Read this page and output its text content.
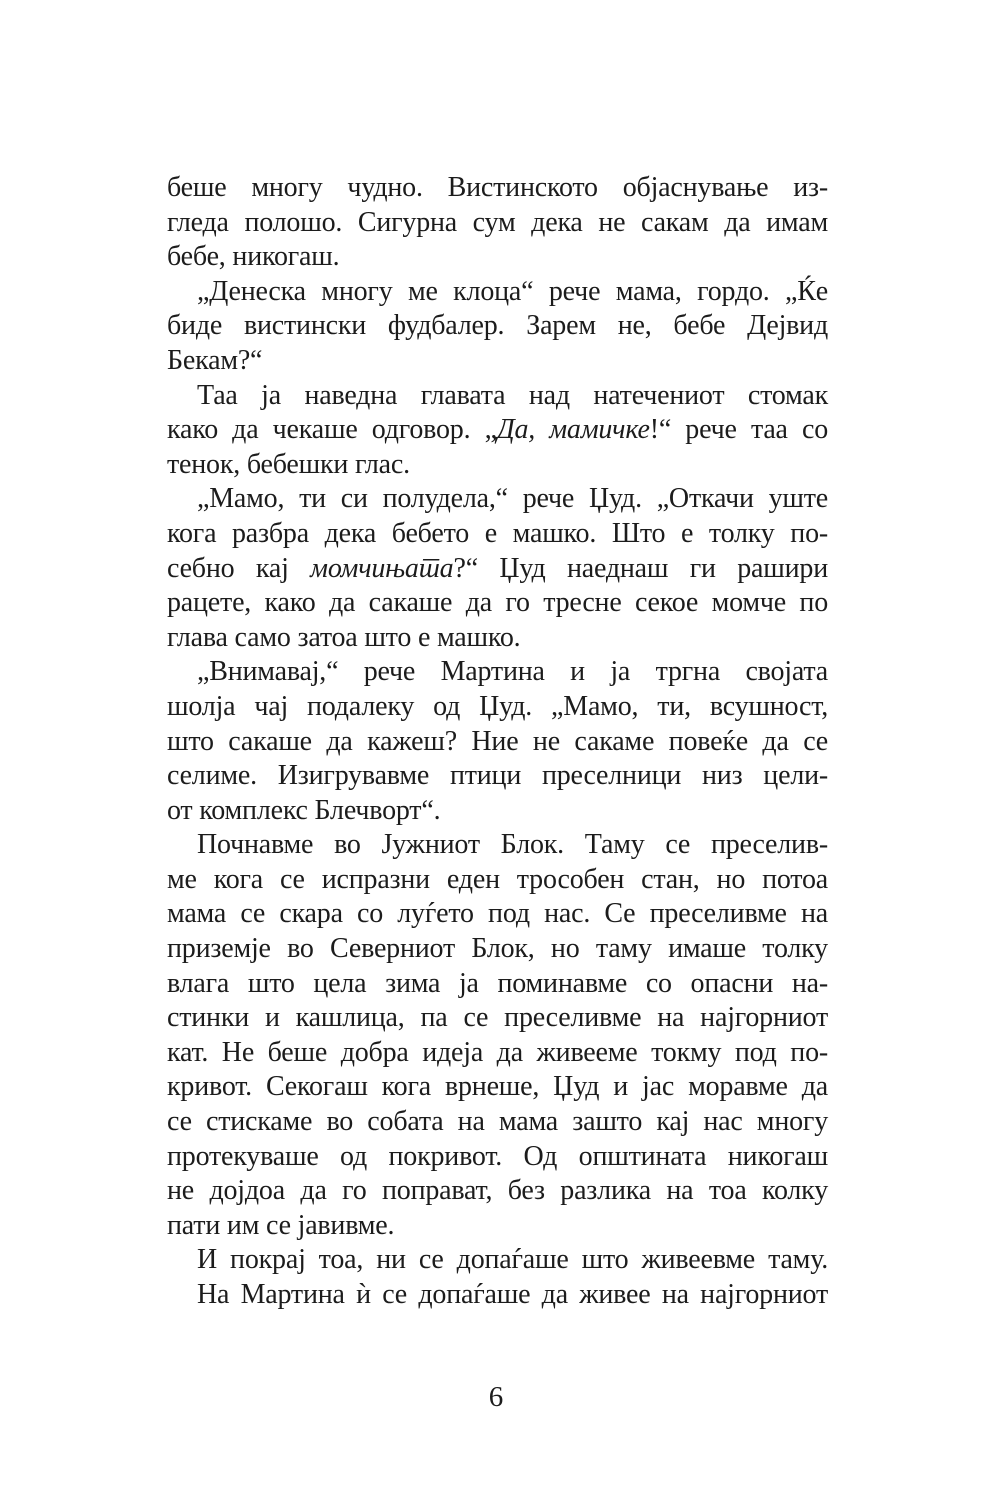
беше многу чудно. Вистинското објаснување из-
гледа полошо. Сигурна сум дека не сакам да имам
бебе, никогаш.
„Денеска многу ме клоца“ рече мама, гордо. „Ќе
биде вистински фудбалер. Зарем не, бебе Дејвид
Бекам?“
Таа ја наведна главата над натечениот стомак
како да чекаше одговор. „Да, мамичке!“ рече таа со
тенок, бебешки глас.
„Мамо, ти си полудела,“ рече Џуд. „Откачи уште
кога разбра дека бебето е машко. Што е толку по-
себно кај момчињата?“ Џуд наеднаш ги рашири
рацете, како да сакаше да го тресне секое момче по
глава само затоа што е машко.
„Внимавај,“ рече Мартина и ја тргна својата
шолја чај подалеку од Џуд. „Мамо, ти, всушност,
што сакаше да кажеш? Ние не сакаме повеќе да се
селиме. Изигрувавме птици преселници низ цели-
от комплекс Блечворт“.
Почнавме во Јужниот Блок. Таму се преселив-
ме кога се испразни еден трособен стан, но потоа
мама се скара со луѓето под нас. Се преселивме на
приземје во Северниот Блок, но таму имаше толку
влага што цела зима ја поминавме со опасни на-
стинки и кашлица, па се преселивме на најгорниот
кат. Не беше добра идеја да живееме токму под по-
кривот. Секогаш кога врнеше, Џуд и јас моравме да
се стискаме во собата на мама зашто кај нас многу
протекуваше од покривот. Од општината никогаш
не дојдоа да го поправат, без разлика на тоа колку
пати им се јавивме.
И покрај тоа, ни се допаѓаше што живеевме таму.
На Мартина ѝ се допаѓаше да живее на најгорниот
6
